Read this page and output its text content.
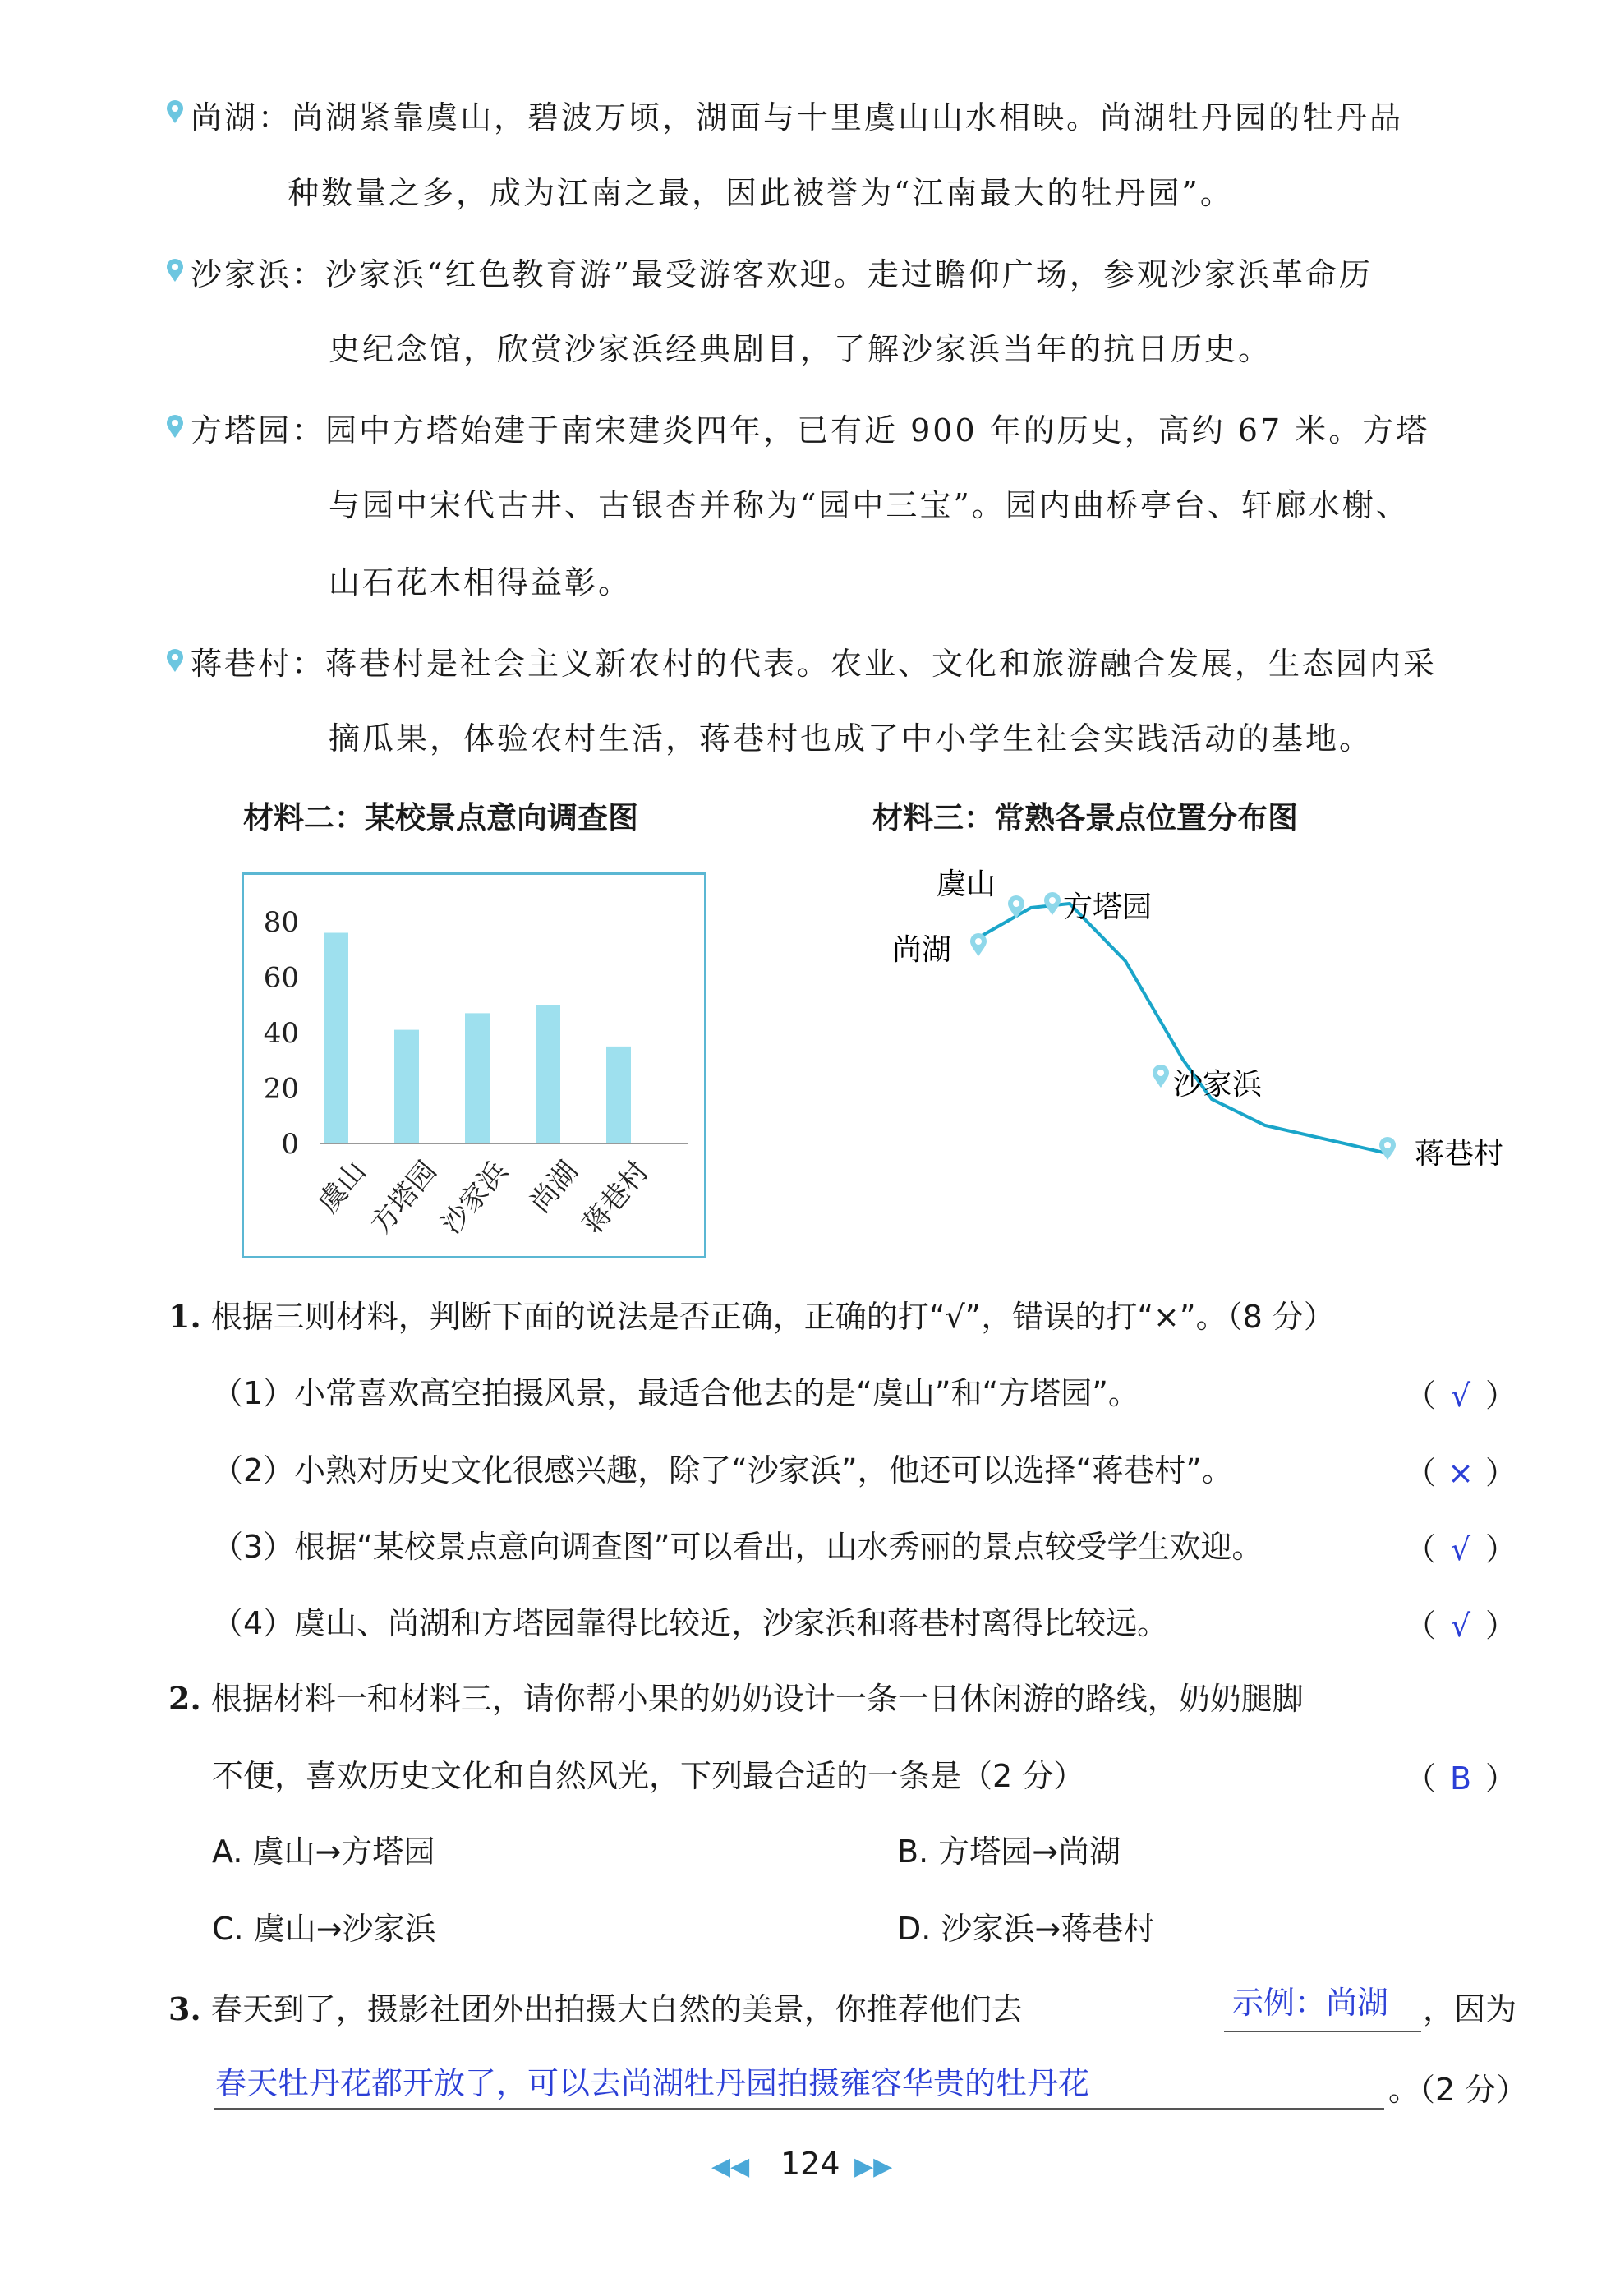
尚湖：尚湖紧靠虞山，碧波万顷，湖面与十里虞山山水相映。尚湖牡丹园的牡丹品
种数量之多，成为江南之最，因此被誉为“江南最大的牡丹园”。
沙家浜：沙家浜“红色教育游”最受游客欢迎。走过瞻仰广场，参观沙家浜革命历
史纪念馆，欣赏沙家浜经典剧目，了解沙家浜当年的抗日历史。
方塔园：园中方塔始建于南宋建炎四年，已有近 900 年的历史，高约 67 米。方塔
与园中宋代古井、古银杏并称为“园中三宝”。园内曲桥亭台、轩廊水榭、
山石花木相得益彰。
蒋巷村：蒋巷村是社会主义新农村的代表。农业、文化和旅游融合发展，生态园内采
摘瓜果，体验农村生活，蒋巷村也成了中小学生社会实践活动的基地。
材料二：某校景点意向调查图	材料三：常熟各景点位置分布图
0
20
40
60
80
虞山
方塔园
沙家浜 尚湖
蒋巷村
虞山
方塔园
尚湖
沙家浜
蒋巷村
1. 根据三则材料，判断下面的说法是否正确，正确的打“√”，错误的打“×”。（8 分）
（1）小常喜欢高空拍摄风景，最适合他去的是“虞山”和“方塔园”。	（ √ ）
（2）小熟对历史文化很感兴趣，除了“沙家浜”，他还可以选择“蒋巷村”。	（ × ）
（3）根据“某校景点意向调查图”可以看出，山水秀丽的景点较受学生欢迎。	（ √ ）
（4）虞山、尚湖和方塔园靠得比较近，沙家浜和蒋巷村离得比较远。	（ √ ）
2. 根据材料一和材料三，请你帮小果的奶奶设计一条一日休闲游的路线，奶奶腿脚
不便，喜欢历史文化和自然风光，下列最合适的一条是（2 分）	（ B ）
A. 虞山→方塔园	B. 方塔园→尚湖
C. 虞山→沙家浜	D. 沙家浜→蒋巷村
3. 春天到了，摄影社团外出拍摄大自然的美景，你推荐他们去	示例：尚湖 ，因为
春天牡丹花都开放了，可以去尚湖牡丹园拍摄雍容华贵的牡丹花	。（2 分）
◀◀ 124 ▶▶
